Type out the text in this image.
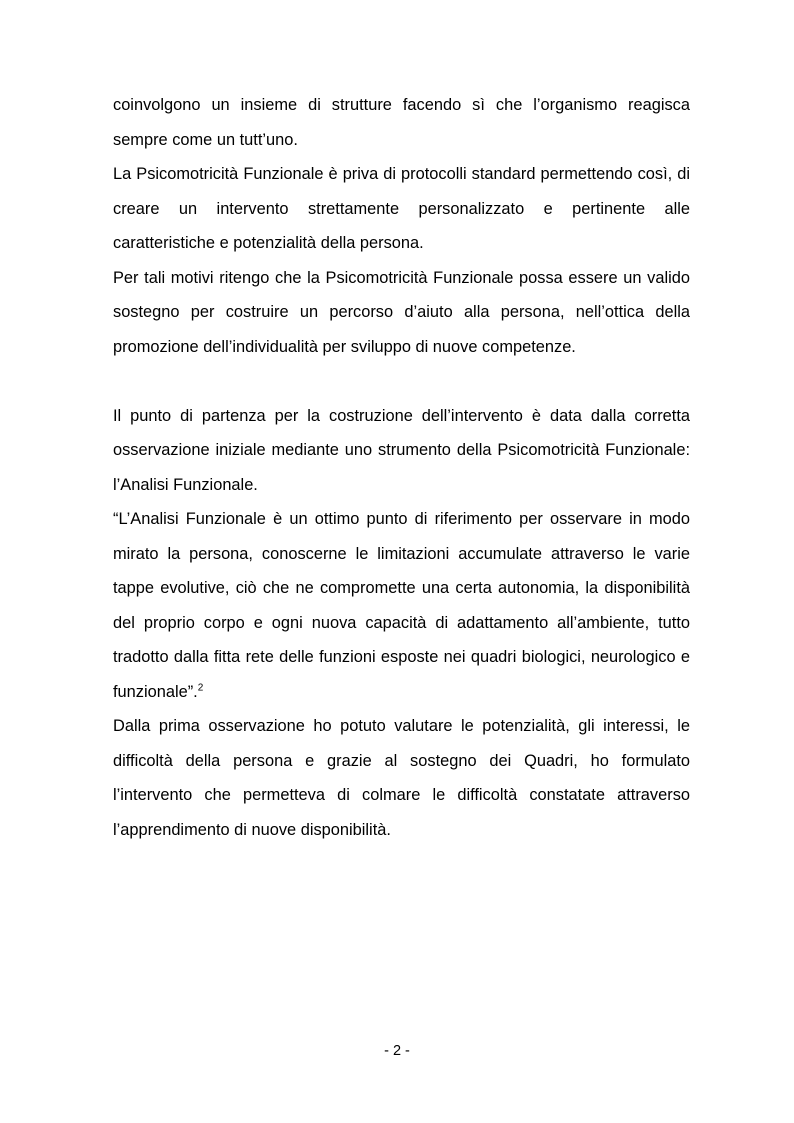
coinvolgono un insieme di strutture facendo sì che l’organismo reagisca sempre come un tutt’uno.

La Psicomotricità Funzionale è priva di protocolli standard permettendo così, di creare un intervento strettamente personalizzato e pertinente alle caratteristiche e potenzialità della persona.

Per tali motivi ritengo che la Psicomotricità Funzionale possa essere un valido sostegno per costruire un percorso d’aiuto alla persona, nell’ottica della promozione dell’individualità per sviluppo di nuove competenze.

Il punto di partenza per la costruzione dell’intervento è data dalla corretta osservazione iniziale mediante uno strumento della Psicomotricità Funzionale: l’Analisi Funzionale.

“L’Analisi Funzionale è un ottimo punto di riferimento per osservare in modo mirato la persona, conoscerne le limitazioni accumulate attraverso le varie tappe evolutive, ciò che ne compromette una certa autonomia, la disponibilità del proprio corpo e ogni nuova capacità di adattamento all’ambiente, tutto tradotto dalla fitta rete delle funzioni esposte nei quadri biologici, neurologico e funzionale”.$^2$

Dalla prima osservazione ho potuto valutare le potenzialità, gli interessi, le difficoltà della persona e grazie al sostegno dei Quadri, ho formulato l’intervento che permetteva di colmare le difficoltà constatate attraverso l’apprendimento di nuove disponibilità.

- 2 -
